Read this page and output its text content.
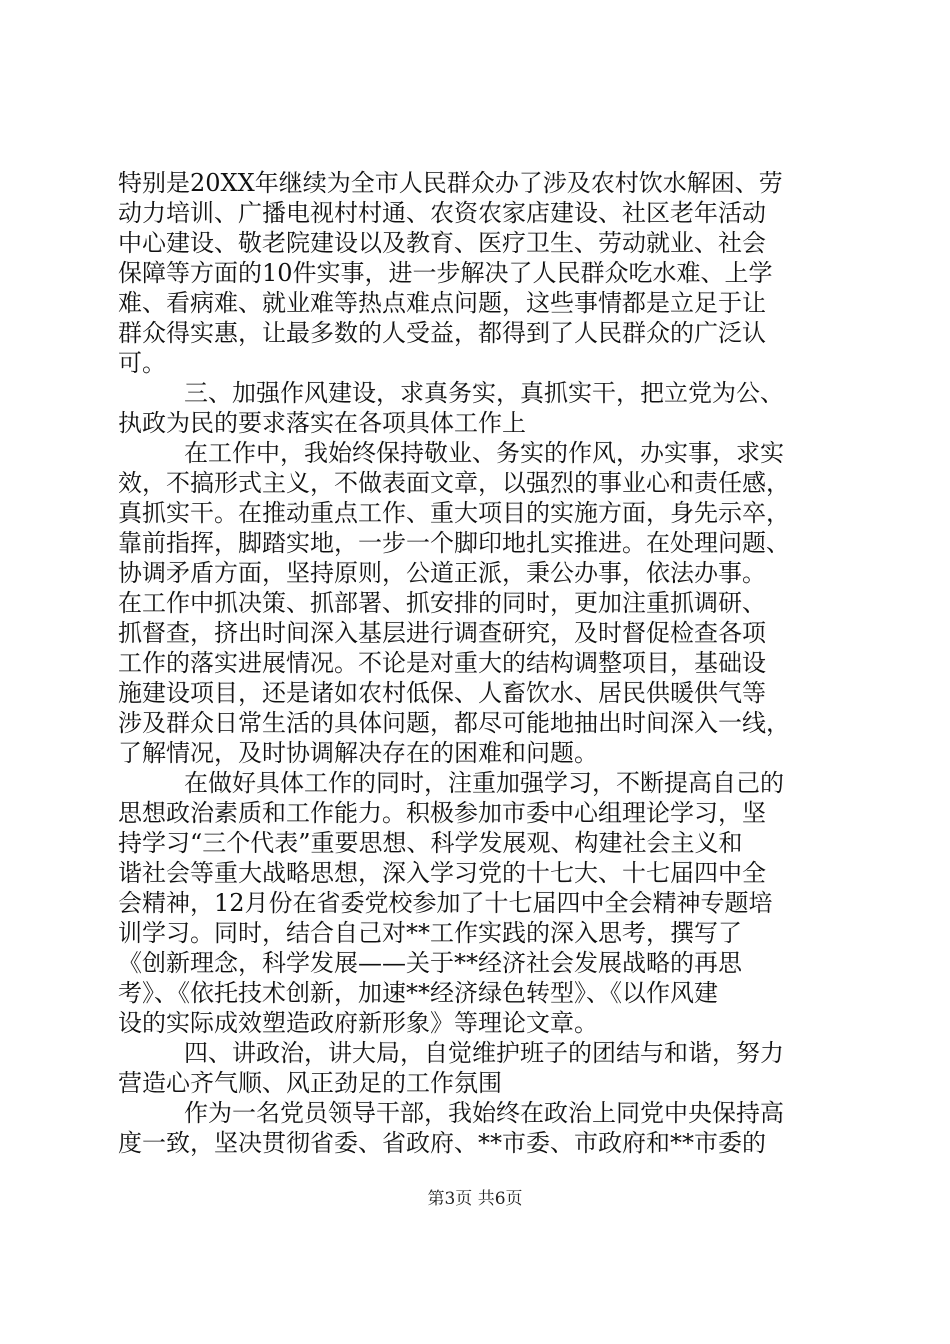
特别是20XX年继续为全市人民群众办了涉及农村饮水解困、劳
动力培训、广播电视村村通、农资农家店建设、社区老年活动
中心建设、敬老院建设以及教育、医疗卫生、劳动就业、社会
保障等方面的10件实事，进一步解决了人民群众吃水难、上学
难、看病难、就业难等热点难点问题，这些事情都是立足于让
群众得实惠，让最多数的人受益，都得到了人民群众的广泛认
可。
三、加强作风建设，求真务实，真抓实干，把立党为公、
执政为民的要求落实在各项具体工作上
在工作中，我始终保持敬业、务实的作风，办实事，求实
效，不搞形式主义，不做表面文章，以强烈的事业心和责任感，
真抓实干。在推动重点工作、重大项目的实施方面，身先示卒，
靠前指挥，脚踏实地，一步一个脚印地扎实推进。在处理问题、
协调矛盾方面，坚持原则，公道正派，秉公办事，依法办事。
在工作中抓决策、抓部署、抓安排的同时，更加注重抓调研、
抓督查，挤出时间深入基层进行调查研究，及时督促检查各项
工作的落实进展情况。不论是对重大的结构调整项目，基础设
施建设项目，还是诸如农村低保、人畜饮水、居民供暖供气等
涉及群众日常生活的具体问题，都尽可能地抽出时间深入一线，
了解情况，及时协调解决存在的困难和问题。
在做好具体工作的同时，注重加强学习，不断提高自己的
思想政治素质和工作能力。积极参加市委中心组理论学习，坚
持学习“三个代表”重要思想、科学发展观、构建社会主义和
谐社会等重大战略思想，深入学习党的十七大、十七届四中全
会精神，12月份在省委党校参加了十七届四中全会精神专题培
训学习。同时，结合自己对**工作实践的深入思考，撰写了
《创新理念，科学发展——关于**经济社会发展战略的再思
考》、《依托技术创新，加速**经济绿色转型》、《以作风建
设的实际成效塑造政府新形象》等理论文章。
四、讲政治，讲大局，自觉维护班子的团结与和谐，努力
营造心齐气顺、风正劲足的工作氛围
作为一名党员领导干部，我始终在政治上同党中央保持高
度一致，坚决贯彻省委、省政府、**市委、市政府和**市委的
第3页 共6页
